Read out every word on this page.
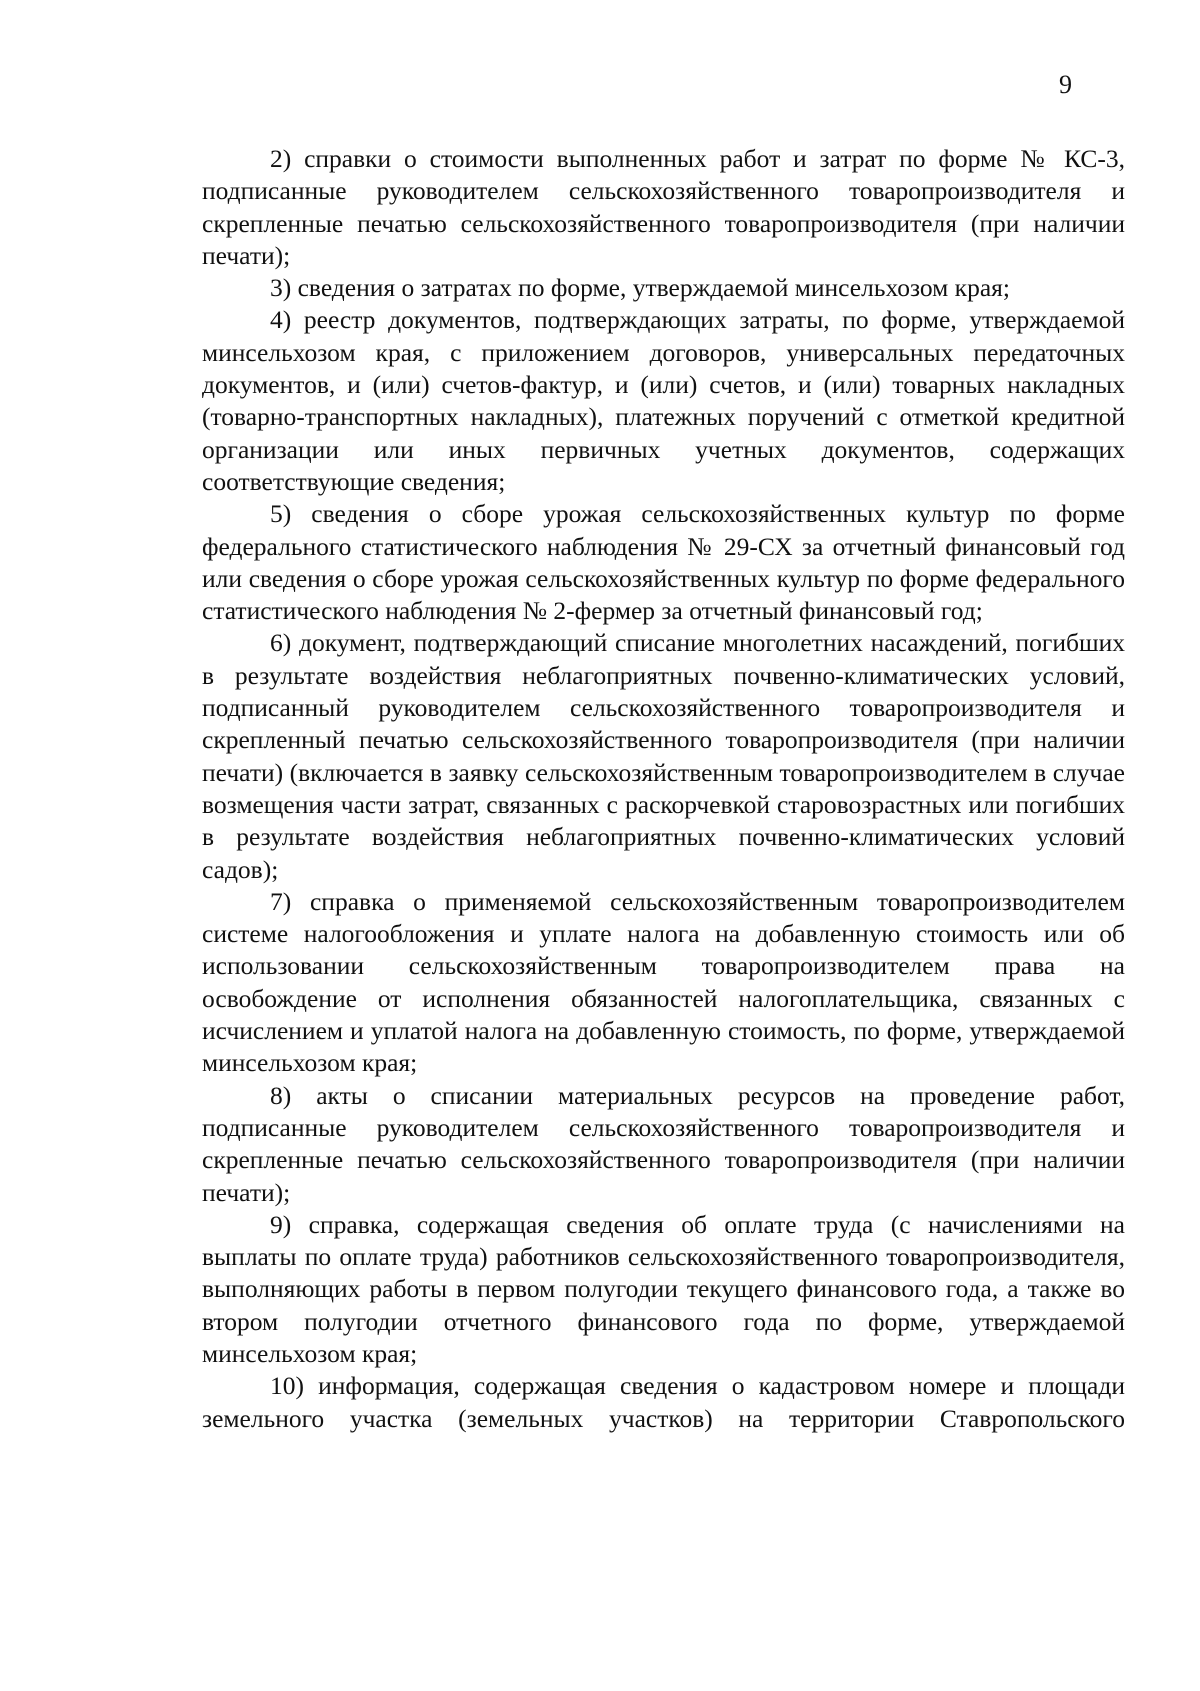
9

2) справки о стоимости выполненных работ и затрат по форме № КС-3, подписанные руководителем сельскохозяйственного товаропроизводителя и скрепленные печатью сельскохозяйственного товаропроизводителя (при наличии печати);

3) сведения о затратах по форме, утверждаемой минсельхозом края;

4) реестр документов, подтверждающих затраты, по форме, утверждаемой минсельхозом края, с приложением договоров, универсальных передаточных документов, и (или) счетов-фактур, и (или) счетов, и (или) товарных накладных (товарно-транспортных накладных), платежных поручений с отметкой кредитной организации или иных первичных учетных документов, содержащих соответствующие сведения;

5) сведения о сборе урожая сельскохозяйственных культур по форме федерального статистического наблюдения № 29-СХ за отчетный финансовый год или сведения о сборе урожая сельскохозяйственных культур по форме федерального статистического наблюдения № 2-фермер за отчетный финансовый год;

6) документ, подтверждающий списание многолетних насаждений, погибших в результате воздействия неблагоприятных почвенно-климатических условий, подписанный руководителем сельскохозяйственного товаропроизводителя и скрепленный печатью сельскохозяйственного товаропроизводителя (при наличии печати) (включается в заявку сельскохозяйственным товаропроизводителем в случае возмещения части затрат, связанных с раскорчевкой старовозрастных или погибших в результате воздействия неблагоприятных почвенно-климатических условий садов);

7) справка о применяемой сельскохозяйственным товаропроизводителем системе налогообложения и уплате налога на добавленную стоимость или об использовании сельскохозяйственным товаропроизводителем права на освобождение от исполнения обязанностей налогоплательщика, связанных с исчислением и уплатой налога на добавленную стоимость, по форме, утверждаемой минсельхозом края;

8) акты о списании материальных ресурсов на проведение работ, подписанные руководителем сельскохозяйственного товаропроизводителя и скрепленные печатью сельскохозяйственного товаропроизводителя (при наличии печати);

9) справка, содержащая сведения об оплате труда (с начислениями на выплаты по оплате труда) работников сельскохозяйственного товаропроизводителя, выполняющих работы в первом полугодии текущего финансового года, а также во втором полугодии отчетного финансового года по форме, утверждаемой минсельхозом края;

10) информация, содержащая сведения о кадастровом номере и площади земельного участка (земельных участков) на территории Ставропольского
